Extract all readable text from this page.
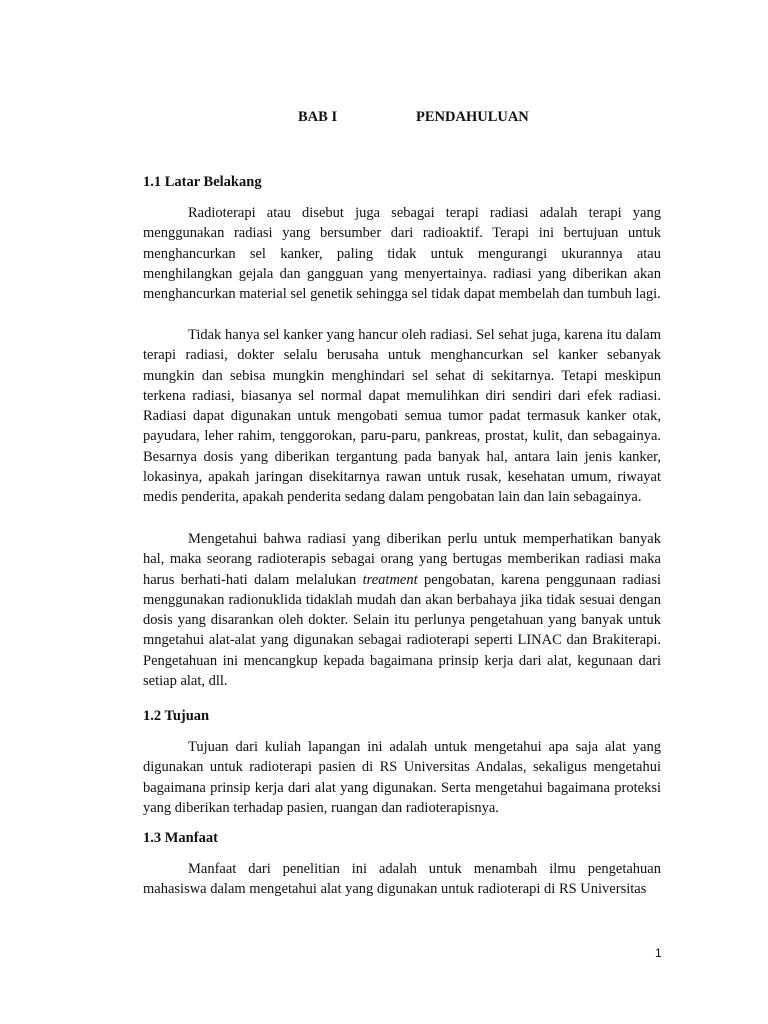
BAB I	PENDAHULUAN
1.1 Latar Belakang

Radioterapi atau disebut juga sebagai terapi radiasi adalah terapi yang menggunakan radiasi yang bersumber dari radioaktif. Terapi ini bertujuan untuk menghancurkan sel kanker, paling tidak untuk mengurangi ukurannya atau menghilangkan gejala dan gangguan yang menyertainya. radiasi yang diberikan akan menghancurkan material sel genetik sehingga sel tidak dapat membelah dan tumbuh lagi.

Tidak hanya sel kanker yang hancur oleh radiasi. Sel sehat juga, karena itu dalam terapi radiasi, dokter selalu berusaha untuk menghancurkan sel kanker sebanyak mungkin dan sebisa mungkin menghindari sel sehat di sekitarnya. Tetapi meskipun terkena radiasi, biasanya sel normal dapat memulihkan diri sendiri dari efek radiasi. Radiasi dapat digunakan untuk mengobati semua tumor padat termasuk kanker otak, payudara, leher rahim, tenggorokan, paru-paru, pankreas, prostat, kulit, dan sebagainya. Besarnya dosis yang diberikan tergantung pada banyak hal, antara lain jenis kanker, lokasinya, apakah jaringan disekitarnya rawan untuk rusak, kesehatan umum, riwayat medis penderita, apakah penderita sedang dalam pengobatan lain dan lain sebagainya.

Mengetahui bahwa radiasi yang diberikan perlu untuk memperhatikan banyak hal, maka seorang radioterapis sebagai orang yang bertugas memberikan radiasi maka harus berhati-hati dalam melalukan treatment pengobatan, karena penggunaan radiasi menggunakan radionuklida tidaklah mudah dan akan berbahaya jika tidak sesuai dengan dosis yang disarankan oleh dokter. Selain itu perlunya pengetahuan yang banyak untuk mngetahui alat-alat yang digunakan sebagai radioterapi seperti LINAC dan Brakiterapi. Pengetahuan ini mencangkup kepada bagaimana prinsip kerja dari alat, kegunaan dari setiap alat, dll.

1.2 Tujuan

Tujuan dari kuliah lapangan ini adalah untuk mengetahui apa saja alat yang digunakan untuk radioterapi pasien di RS Universitas Andalas, sekaligus mengetahui bagaimana prinsip kerja dari alat yang digunakan. Serta mengetahui bagaimana proteksi yang diberikan terhadap pasien, ruangan dan radioterapisnya.

1.3 Manfaat

Manfaat dari penelitian ini adalah untuk menambah ilmu pengetahuan mahasiswa dalam mengetahui alat yang digunakan untuk radioterapi di RS Universitas

1
